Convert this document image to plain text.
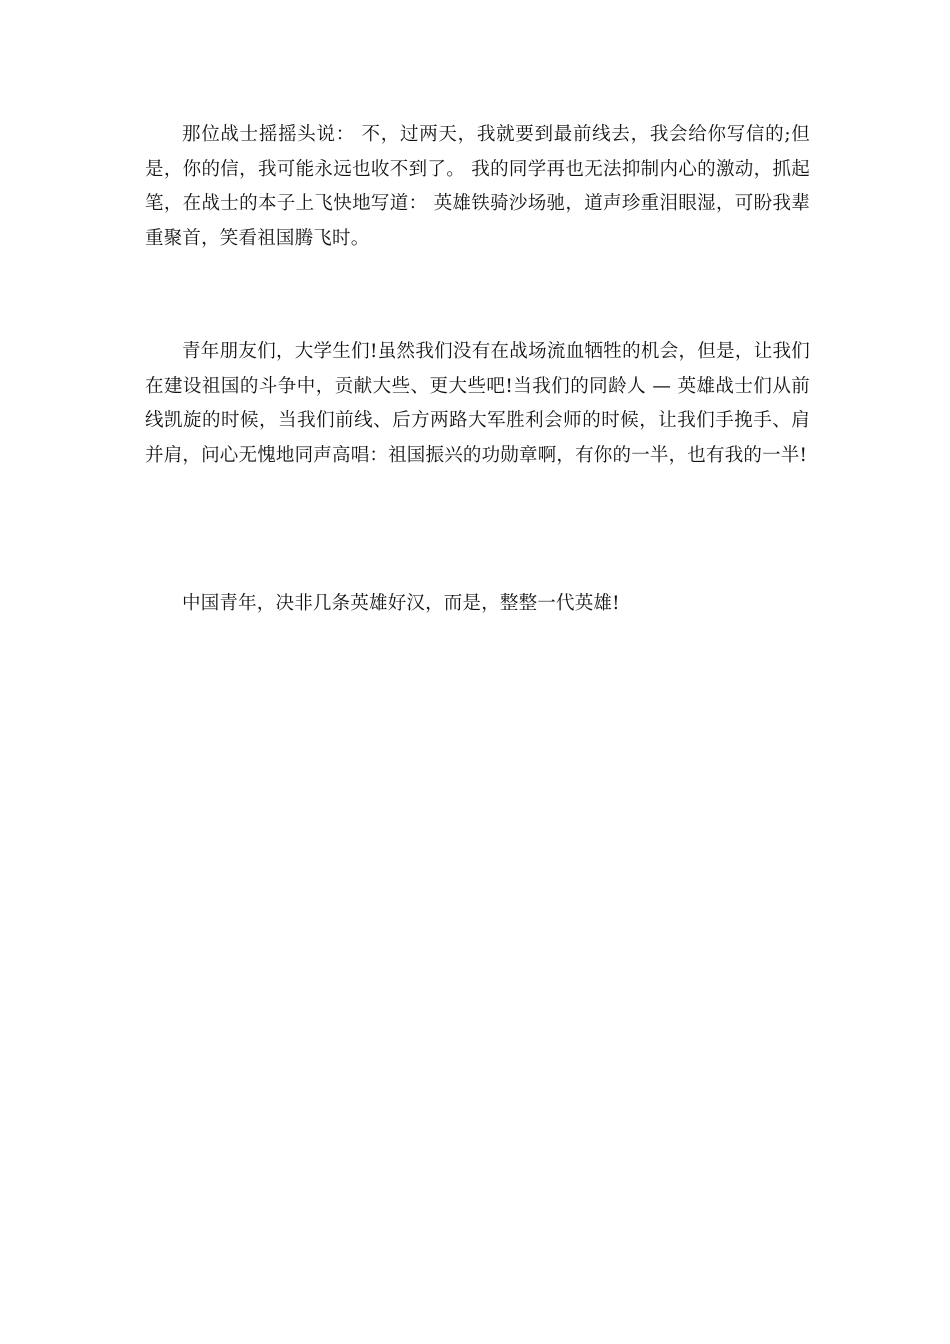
那位战士摇摇头说： 不，过两天，我就要到最前线去，我会给你写信的;但是，你的信，我可能永远也收不到了。 我的同学再也无法抑制内心的激动，抓起笔，在战士的本子上飞快地写道： 英雄铁骑沙场驰，道声珍重泪眼湿，可盼我辈重聚首，笑看祖国腾飞时。

青年朋友们，大学生们!虽然我们没有在战场流血牺牲的机会，但是，让我们在建设祖国的斗争中，贡献大些、更大些吧!当我们的同龄人 — 英雄战士们从前线凯旋的时候，当我们前线、后方两路大军胜利会师的时候，让我们手挽手、肩并肩，问心无愧地同声高唱：祖国振兴的功勋章啊，有你的一半，也有我的一半!

中国青年，决非几条英雄好汉，而是，整整一代英雄!
